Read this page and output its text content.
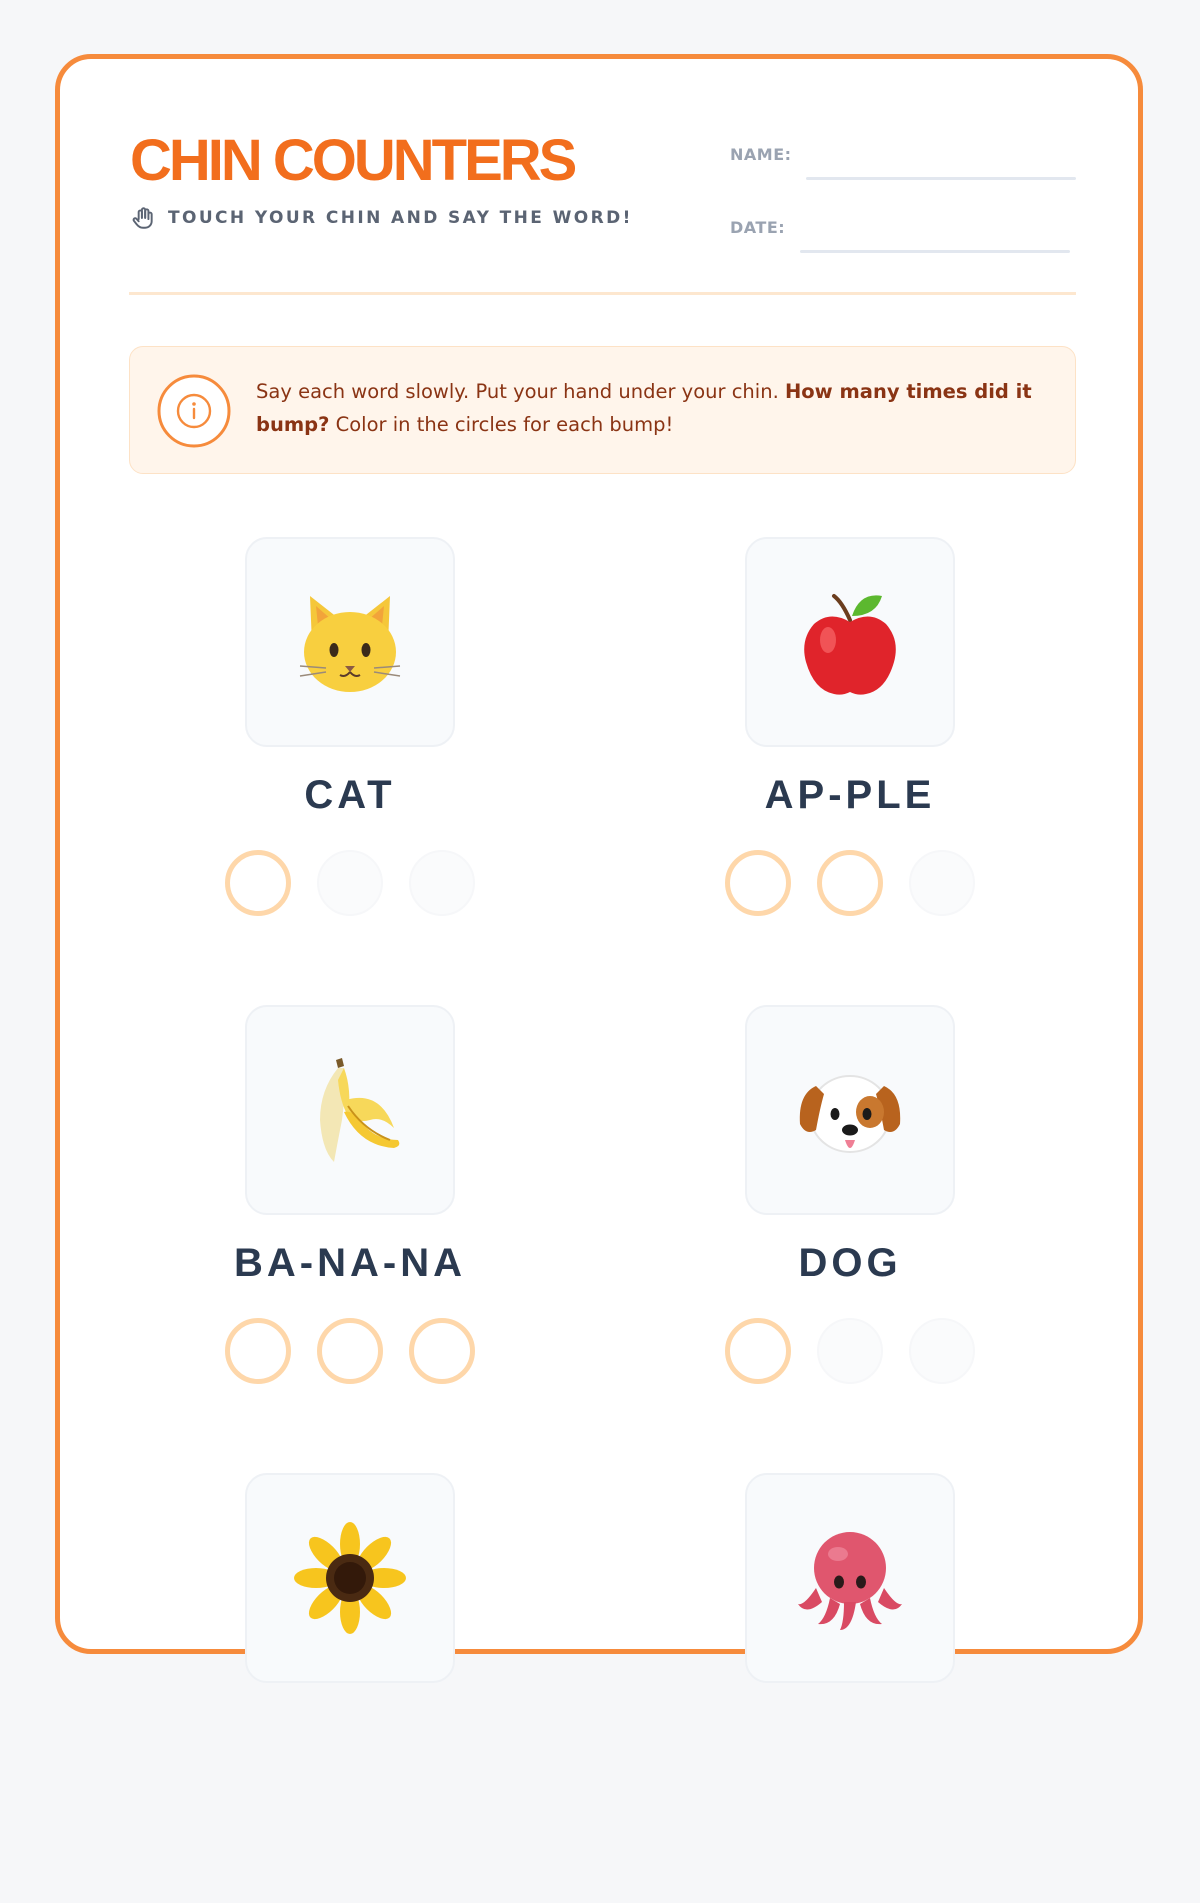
CHIN COUNTERS
TOUCH YOUR CHIN AND SAY THE WORD!
NAME:
DATE:
Say each word slowly. Put your hand under your chin. How many times did it bump? Color in the circles for each bump!
CAT	AP-PLE
BA-NA-NA	DOG
